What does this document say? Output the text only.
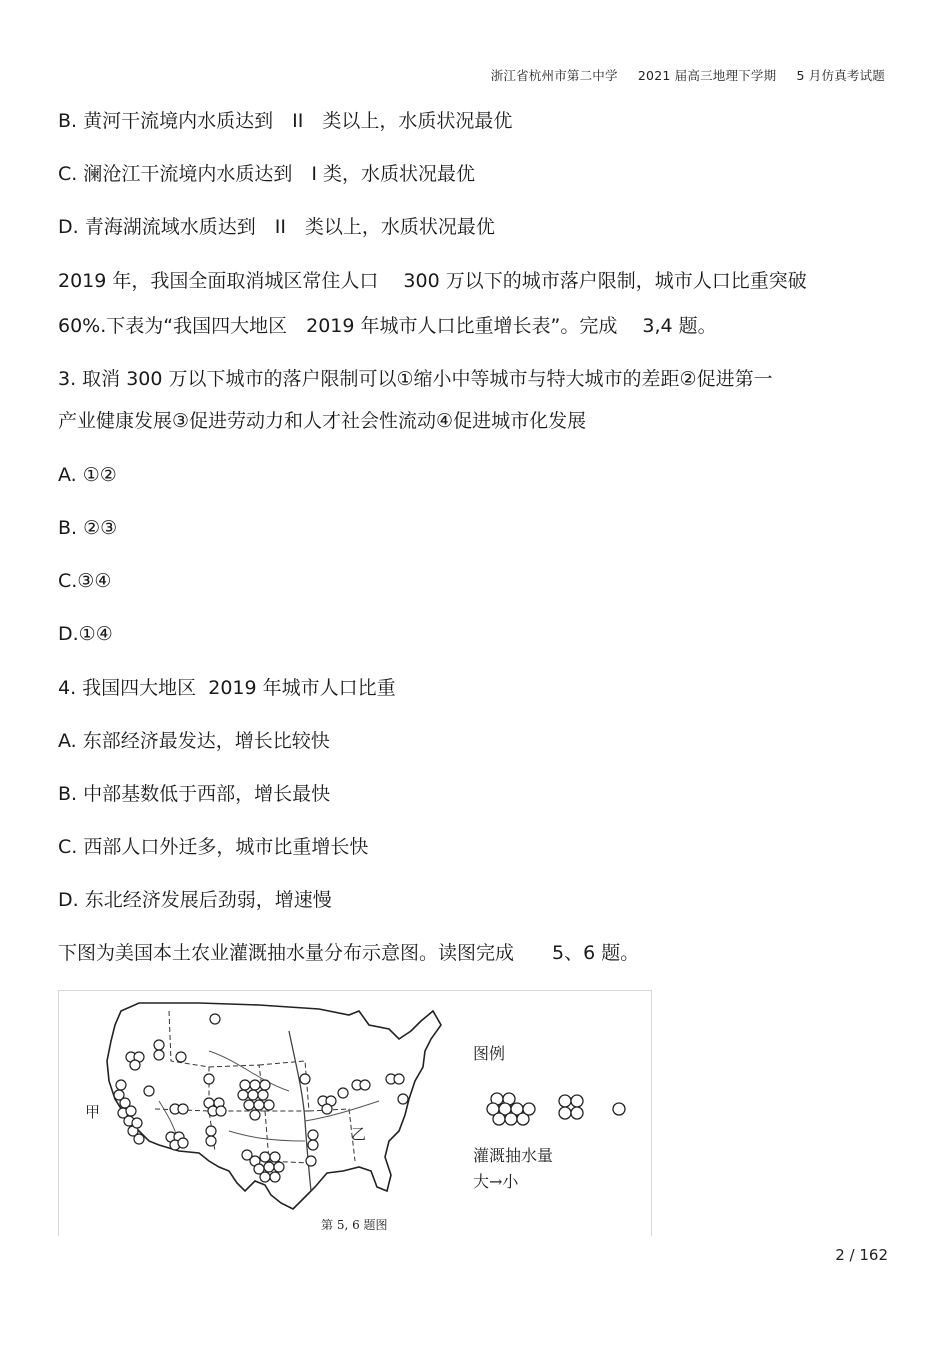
浙江省杭州市第二中学 2021 届高三地理下学期 5 月仿真考试题
B. 黄河干流境内水质达到　II　类以上，水质状况最优
C. 澜沧江干流境内水质达到　I 类，水质状况最优
D. 青海湖流域水质达到　II　类以上，水质状况最优
2019 年，我国全面取消城区常住人口　 300 万以下的城市落户限制，城市人口比重突破
60%.下表为“我国四大地区　2019 年城市人口比重增长表”。完成　 3,4 题。
3. 取消 300 万以下城市的落户限制可以①缩小中等城市与特大城市的差距②促进第一
产业健康发展③促进劳动力和人才社会性流动④促进城市化发展
A. ①②
B. ②③
C.③④
D.①④
4. 我国四大地区  2019 年城市人口比重
A. 东部经济最发达，增长比较快
B. 中部基数低于西部，增长最快
C. 西部人口外迁多，城市比重增长快
D. 东北经济发展后劲弱，增速慢
下图为美国本土农业灌溉抽水量分布示意图。读图完成　　5、6 题。
甲
乙
图例
灌溉抽水量
大→小
第 5, 6 题图
2 / 162
